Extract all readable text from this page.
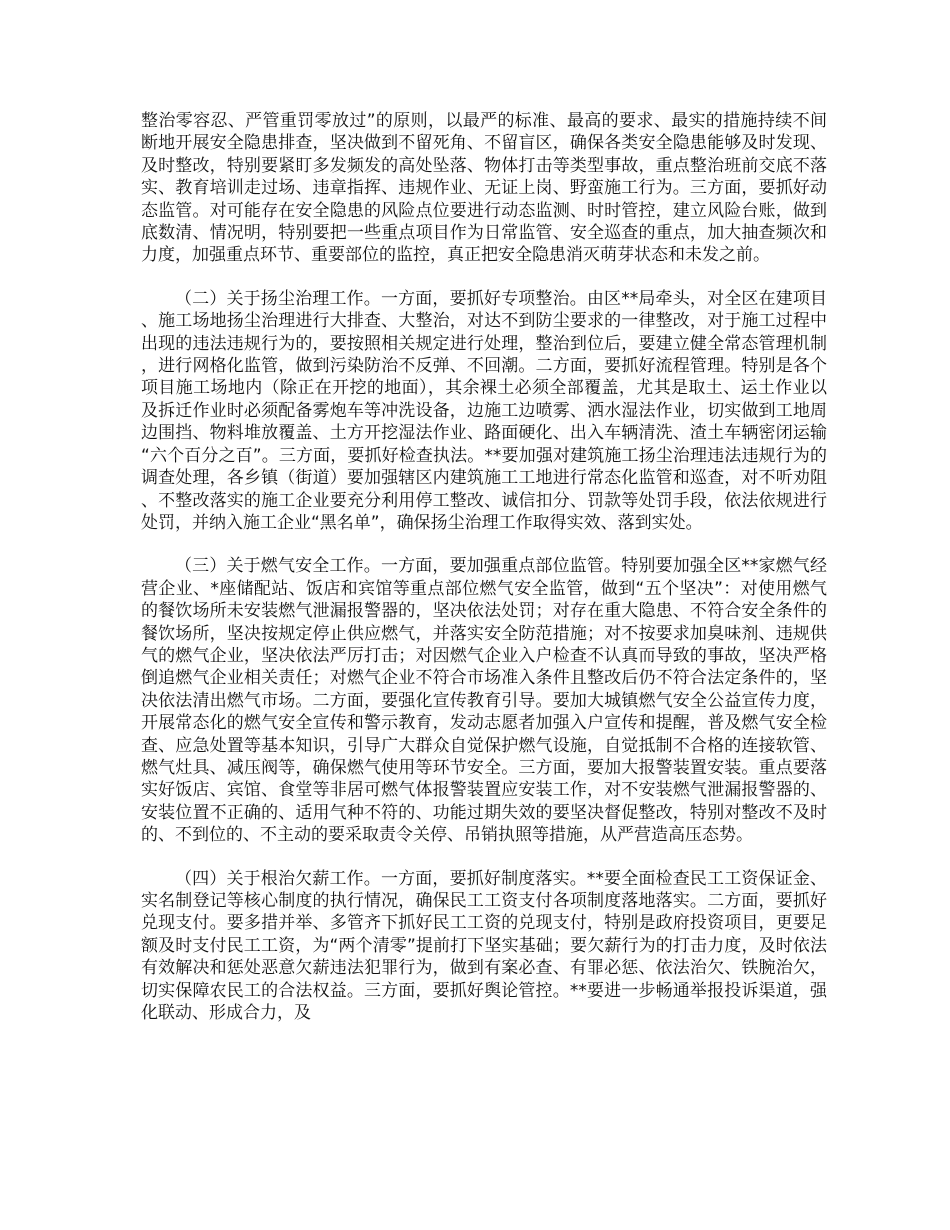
整治零容忍、严管重罚零放过”的原则，以最严的标准、最高的要求、最实的措施持续不间断地开展安全隐患排查，坚决做到不留死角、不留盲区，确保各类安全隐患能够及时发现、及时整改，特别要紧盯多发频发的高处坠落、物体打击等类型事故，重点整治班前交底不落实、教育培训走过场、违章指挥、违规作业、无证上岗、野蛮施工行为。三方面，要抓好动态监管。对可能存在安全隐患的风险点位要进行动态监测、时时管控，建立风险台账，做到底数清、情况明，特别要把一些重点项目作为日常监管、安全巡查的重点，加大抽查频次和力度，加强重点环节、重要部位的监控，真正把安全隐患消灭萌芽状态和未发之前。

（二）关于扬尘治理工作。一方面，要抓好专项整治。由区**局牵头，对全区在建项目、施工场地扬尘治理进行大排查、大整治，对达不到防尘要求的一律整改，对于施工过程中出现的违法违规行为的，要按照相关规定进行处理，整治到位后，要建立健全常态管理机制，进行网格化监管，做到污染防治不反弹、不回潮。二方面，要抓好流程管理。特别是各个项目施工场地内（除正在开挖的地面），其余裸土必须全部覆盖，尤其是取土、运土作业以及拆迁作业时必须配备雾炮车等冲洗设备，边施工边喷雾、洒水湿法作业，切实做到工地周边围挡、物料堆放覆盖、土方开挖湿法作业、路面硬化、出入车辆清洗、渣土车辆密闭运输“六个百分之百”。三方面，要抓好检查执法。**要加强对建筑施工扬尘治理违法违规行为的调查处理，各乡镇（街道）要加强辖区内建筑施工工地进行常态化监管和巡查，对不听劝阻、不整改落实的施工企业要充分利用停工整改、诚信扣分、罚款等处罚手段，依法依规进行处罚，并纳入施工企业“黑名单”，确保扬尘治理工作取得实效、落到实处。

（三）关于燃气安全工作。一方面，要加强重点部位监管。特别要加强全区**家燃气经营企业、*座储配站、饭店和宾馆等重点部位燃气安全监管，做到“五个坚决”：对使用燃气的餐饮场所未安装燃气泄漏报警器的，坚决依法处罚；对存在重大隐患、不符合安全条件的餐饮场所，坚决按规定停止供应燃气，并落实安全防范措施；对不按要求加臭味剂、违规供气的燃气企业，坚决依法严厉打击；对因燃气企业入户检查不认真而导致的事故，坚决严格倒追燃气企业相关责任；对燃气企业不符合市场准入条件且整改后仍不符合法定条件的，坚决依法清出燃气市场。二方面，要强化宣传教育引导。要加大城镇燃气安全公益宣传力度，开展常态化的燃气安全宣传和警示教育，发动志愿者加强入户宣传和提醒，普及燃气安全检查、应急处置等基本知识，引导广大群众自觉保护燃气设施，自觉抵制不合格的连接软管、燃气灶具、减压阀等，确保燃气使用等环节安全。三方面，要加大报警装置安装。重点要落实好饭店、宾馆、食堂等非居可燃气体报警装置应安装工作，对不安装燃气泄漏报警器的、安装位置不正确的、适用气种不符的、功能过期失效的要坚决督促整改，特别对整改不及时的、不到位的、不主动的要采取责令关停、吊销执照等措施，从严营造高压态势。

（四）关于根治欠薪工作。一方面，要抓好制度落实。**要全面检查民工工资保证金、实名制登记等核心制度的执行情况，确保民工工资支付各项制度落地落实。二方面，要抓好兑现支付。要多措并举、多管齐下抓好民工工资的兑现支付，特别是政府投资项目，更要足额及时支付民工工资，为“两个清零”提前打下坚实基础；要欠薪行为的打击力度，及时依法有效解决和惩处恶意欠薪违法犯罪行为，做到有案必查、有罪必惩、依法治欠、铁腕治欠，切实保障农民工的合法权益。三方面，要抓好舆论管控。**要进一步畅通举报投诉渠道，强化联动、形成合力，及
